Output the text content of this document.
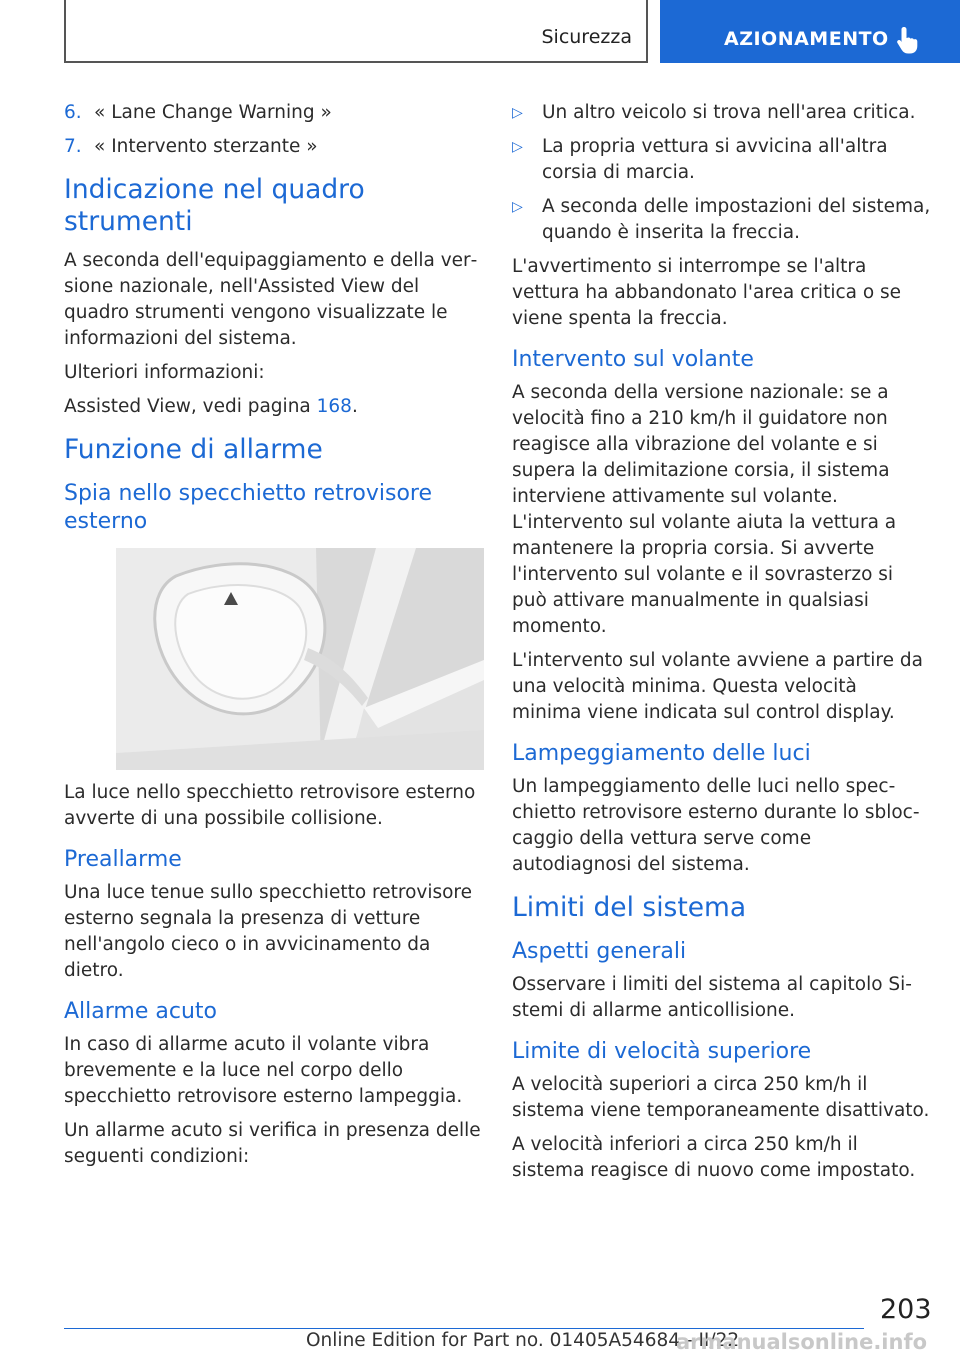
Sicurezza	AZIONAMENTO
6. « Lane Change Warning »
7. « Intervento sterzante »
Indicazione nel quadro strumenti

A seconda dell'equipaggiamento e della versione nazionale, nell'Assisted View del quadro strumenti vengono visualizzate le informazioni del sistema.

Ulteriori informazioni:

Assisted View, vedi pagina 168.

Funzione di allarme
Spia nello specchietto retrovisore esterno

La luce nello specchietto retrovisore esterno avverte di una possibile collisione.

Preallarme

Una luce tenue sullo specchietto retrovisore esterno segnala la presenza di vetture nell'angolo cieco o in avvicinamento da dietro.

Allarme acuto

In caso di allarme acuto il volante vibra brevemente e la luce nel corpo dello specchietto retrovisore esterno lampeggia.

Un allarme acuto si verifica in presenza delle seguenti condizioni:

▷	Un altro veicolo si trova nell'area critica.
▷	La propria vettura si avvicina all'altra corsia di marcia.
▷	A seconda delle impostazioni del sistema, quando è inserita la freccia.

L'avvertimento si interrompe se l'altra vettura ha abbandonato l'area critica o se viene spenta la freccia.

Intervento sul volante

A seconda della versione nazionale: se a velocità fino a 210 km/h il guidatore non reagisce alla vibrazione del volante e si supera la delimitazione corsia, il sistema interviene attivamente sul volante. L'intervento sul volante aiuta la vettura a mantenere la propria corsia. Si avverte l'intervento sul volante e il sovrasterzo si può attivare manualmente in qualsiasi momento.

L'intervento sul volante avviene a partire da una velocità minima. Questa velocità minima viene indicata sul control display.

Lampeggiamento delle luci

Un lampeggiamento delle luci nello specchietto retrovisore esterno durante lo sbloccaggio della vettura serve come autodiagnosi del sistema.

Limiti del sistema
Aspetti generali

Osservare i limiti del sistema al capitolo Sistemi di allarme anticollisione.

Limite di velocità superiore

A velocità superiori a circa 250 km/h il sistema viene temporaneamente disattivato.

A velocità inferiori a circa 250 km/h il sistema reagisce di nuovo come impostato.

203
Online Edition for Part no. 01405A54684 - II/22
armanualsonline.info
